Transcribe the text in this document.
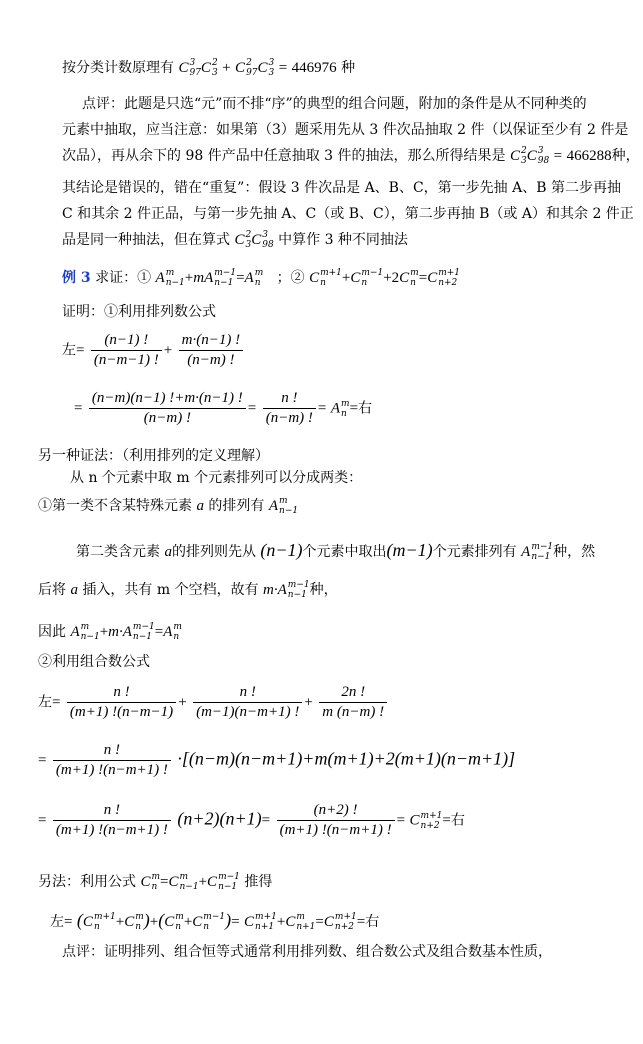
按分类计数原理有 C 3
97 C 2
3 + C 2
97 C 3
3 = 446976 种
点评：此题是只选“元”而不排“序”的典型的组合问题，附加的条件是从不同种类的
元素中抽取，应当注意：如果第（3）题采用先从 3 件次品抽取 2 件（以保证至少有 2 件是
次品），再从余下的 98 件产品中任意抽取 3 件的抽法，那么所得结果是 C 2
3 C 3
98 = 466288种，
其结论是错误的，错在“重复”：假设 3 件次品是 A、B、C，第一步先抽 A、B 第二步再抽
C 和其余 2 件正品，与第一步先抽 A、C（或 B、C），第二步再抽 B（或 A）和其余 2 件正
品是同一种抽法，但在算式 C 2
3 C 3
98 中算作 3 种不同抽法
例 3 求证：① A m
n−1 +mA m−1
n−1 =A m
n ；② C m+1
n	+C m−1
n	+2C m
n =C m+1
n+2
证明：①利用排列数公式
左= $\frac{(n-1) !}{(n-m-1) !} + \frac{m\cdot(n-1) !}{(n-m) !}$
= $\frac{(n-m)(n-1) !+m\cdot(n-1) !}{(n-m) !} = \frac{n !}{(n-m) !} = A$ m
n =右
另一种证法：（利用排列的定义理解）
从 n 个元素中取 m 个元素排列可以分成两类：
①第一类不含某特殊元素 a 的排列有 A m
n−1
第二类含元素 a的排列则先从 (n−1)个元素中取出(m−1)个元素排列有 A m−1
n−1 种，然
后将 a 插入，共有 m 个空档，故有 m·A m−1
n−1 种，
因此 A m
n−1 +m·A m−1
n−1 =A m
n
②利用组合数公式
左= $\frac{n !}{(m+1) !(n-m-1)} + \frac{n !}{(m-1)(n-m+1) !} + \frac{2n !}{m (n-m) !}$
= $\frac{n !}{(m+1) !(n-m+1) !} \cdot[(n-m)(n-m+1)+m(m+1)+2(m+1)(n-m+1)]$
= $\frac{n !}{(m+1) !(n-m+1) !} (n+2)(n+1)= \frac{(n+2) !}{(m+1) !(n-m+1) !} = C$ m+1
n+2 =右
另法：利用公式 C m
n =C m
n−1 +C m−1
n−1 推得
左= (C m+1
n	+C m
n )+(C m
n +C m−1
n )= C m+1
n+1 +C m
n+1 =C m+1
n+2 =右
点评：证明排列、组合恒等式通常利用排列数、组合数公式及组合数基本性质，
